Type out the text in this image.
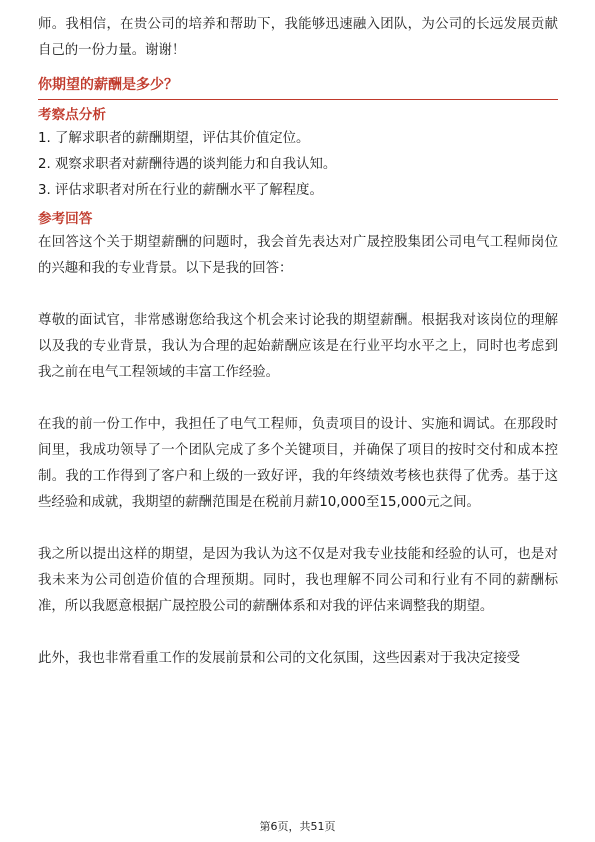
师。我相信，在贵公司的培养和帮助下，我能够迅速融入团队，为公司的长远发展贡献自己的一份力量。谢谢！

你期望的薪酬是多少？
考察点分析
1. 了解求职者的薪酬期望，评估其价值定位。
2. 观察求职者对薪酬待遇的谈判能力和自我认知。
3. 评估求职者对所在行业的薪酬水平了解程度。
参考回答

在回答这个关于期望薪酬的问题时，我会首先表达对广晟控股集团公司电气工程师岗位的兴趣和我的专业背景。以下是我的回答：

尊敬的面试官，非常感谢您给我这个机会来讨论我的期望薪酬。根据我对该岗位的理解以及我的专业背景，我认为合理的起始薪酬应该是在行业平均水平之上，同时也考虑到我之前在电气工程领域的丰富工作经验。

在我的前一份工作中，我担任了电气工程师，负责项目的设计、实施和调试。在那段时间里，我成功领导了一个团队完成了多个关键项目，并确保了项目的按时交付和成本控制。我的工作得到了客户和上级的一致好评，我的年终绩效考核也获得了优秀。基于这些经验和成就，我期望的薪酬范围是在税前月薪10,000至15,000元之间。

我之所以提出这样的期望，是因为我认为这不仅是对我专业技能和经验的认可，也是对我未来为公司创造价值的合理预期。同时，我也理解不同公司和行业有不同的薪酬标准，所以我愿意根据广晟控股公司的薪酬体系和对我的评估来调整我的期望。

此外，我也非常看重工作的发展前景和公司的文化氛围，这些因素对于我决定接受

第6页，共51页
